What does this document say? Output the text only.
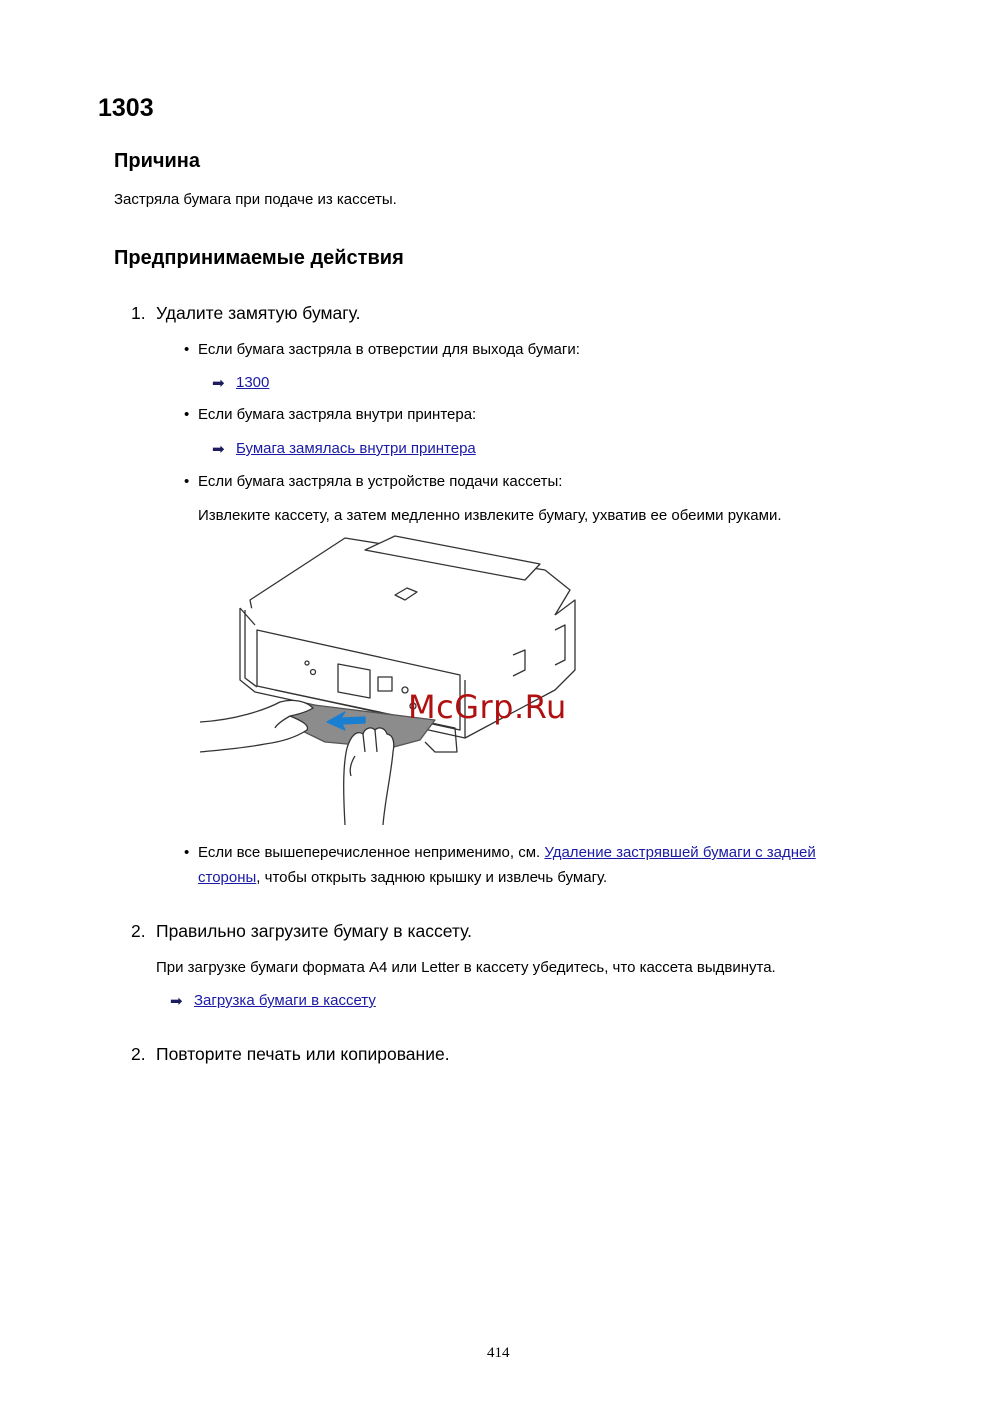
1303
Причина
Застряла бумага при подаче из кассеты.
Предпринимаемые действия
1. Удалите замятую бумагу.
• Если бумага застряла в отверстии для выхода бумаги:
➡ 1300
• Если бумага застряла внутри принтера:
➡ Бумага замялась внутри принтера
• Если бумага застряла в устройстве подачи кассеты:
Извлеките кассету, а затем медленно извлеките бумагу, ухватив ее обеими руками.
McGrp.Ru
• Если все вышеперечисленное неприменимо, см. Удаление застрявшей бумаги с задней
стороны, чтобы открыть заднюю крышку и извлечь бумагу.
2. Правильно загрузите бумагу в кассету.
При загрузке бумаги формата A4 или Letter в кассету убедитесь, что кассета выдвинута.
➡ Загрузка бумаги в кассету
2. Повторите печать или копирование.
414
